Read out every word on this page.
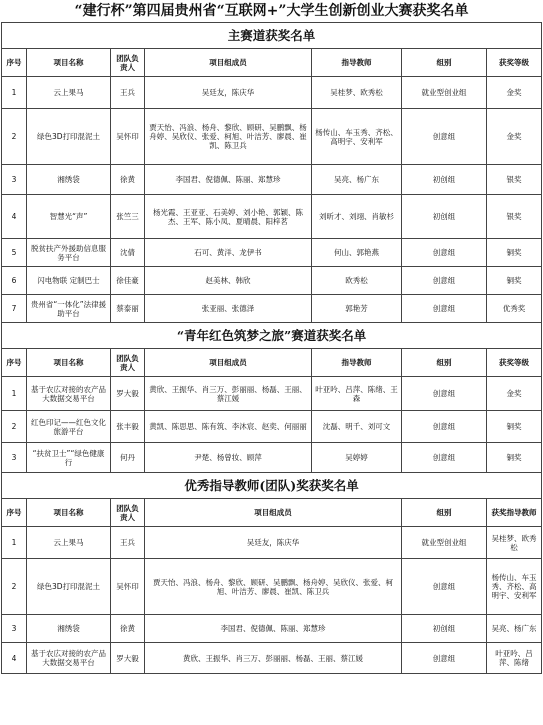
“建行杯”第四届贵州省“互联网+”大学生创新创业大赛获奖名单
主赛道获奖名单						
序号	项目名称	团队负责人	项目组成员	指导教师	组别	获奖等级
1	云上果马	王兵	吴廷友，陈庆华	吴桂梦、欧秀松	就业型创业组	金奖
2	绿色3D打印混泥土	吴怀印	贾天怡、冯浪、杨舟、黎欣、顾研、吴鹏飘、杨舟婷、吴欣仪、张爱、柯旭、叶洁芳、廖晨、崔凯、陈卫兵	杨传山、车玉秀、齐松、高明宇、安利军	创意组	金奖
3	湘绣袋	徐黄	李国君、倪德佩、陈丽、郑慧珍	吴亮、杨广东	初创组	银奖
4	智慧光“声”	张竺三	杨光霞、王亚亚、石美婷、刘小艳、郭颖、陈杰、王军、陈小凤、夏晴晨、阳梓茗	刘昕才、刘翊、肖敏杉	初创组	银奖
5	脱贫扶产外援助信息服务平台	沈倩	石可、黄洋、龙伊书	何山、郭艳燕	创意组	铜奖
6	闪电物联 定制巴士	徐佳豪	赵美林、韩欣	欧秀松	创意组	铜奖
7	贵州省“一体化”法律援助平台	蔡泰丽	张亚丽、张德泽	郭艳芳	创意组	优秀奖
“青年红色筑梦之旅”赛道获奖名单						
序号	项目名称	团队负责人	项目组成员	指导教师	组别	获奖等级
1	基于农広对接的农产品大数据交易平台	罗大毅	黄欣、王振华、肖三万、彭丽丽、杨磊、王丽、蔡江媛	叶亚吟、吕萍、陈绪、王森	创意组	金奖
2	红色印记——红色文化旅游平台	张丰毅	黄凯、陈思思、陈有筑、李沐宸、赵奕、何丽丽	沈磊、明千、刘可文	创意组	铜奖
3	“扶贫卫士”“绿色健康行	何丹	尹楚、杨曾妆、顾萍	吴婷婷	创意组	铜奖
优秀指导教师(团队)奖获奖名单						
序号	项目名称	团队负责人	项目组成员		组别	获奖指导教师
1	云上果马	王兵	吴廷友，陈庆华		就业型创业组	吴桂梦、欧秀松
2	绿色3D打印混泥土	吴怀印	贾天怡、冯浪、杨舟、黎欣、顾研、吴鹏飘、杨舟婷、吴欣仪、张爱、柯旭、叶洁芳、廖晨、崔凯、陈卫兵		创意组	杨传山、车玉秀、齐松、高明宇、安利军
3	湘绣袋	徐黄	李国君、倪德佩、陈丽、郑慧珍		初创组	吴亮、杨广东
4	基于农広对接的农产品大数据交易平台	罗大毅	黄欣、王振华、肖三万、彭丽丽、杨磊、王丽、蔡江媛		创意组	叶亚吟、吕萍、陈绪
